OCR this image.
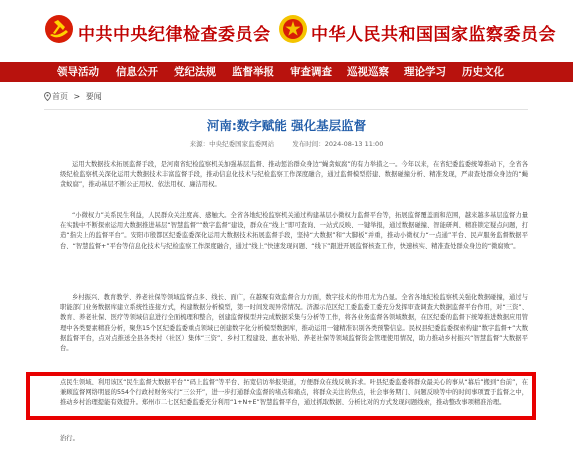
中共中央纪律检查委员会 中华人民共和国国家监察委员会
领导活动 信息公开 党纪法规 监督举报 审查调查 巡视巡察 理论学习 历史文化
首页 > 要闻
河南:数字赋能 强化基层监督
来源：中央纪委国家监委网站	发布时间：2024-08-13 11:00
运用大数据技术拓展监督手段，是河南省纪检监察机关加强基层监督、推动惩治群众身边“蝇贪蚁腐”的有力举措之一。今年以来，在省纪委监委统筹推动下，全省各级纪检监察机关深化运用大数据技术丰富监督手段，推动信息化技术与纪检监察工作深度融合，通过监督模型搭建、数据碰撞分析、精准发现，严肃查处群众身边的“蝇贪蚁腐”，推动基层不断公正用权、依法用权、廉洁用权。
“小微权力”关系民生利益，人民群众关注度高、感触大。全省各地纪检监察机关通过构建基层小微权力监督平台等，拓展监督覆盖面和范围，越来越多基层监督力量在实践中不断探索运用大数据推进基层“智慧监督”“数字监督”建设，群众在“线上”即可查询、一站式反映、一键举报，通过数据碰撞、智能研判、精准锁定疑点问题，打造“指尖上的监督平台”。安阳市殷都区纪委监委深化运用大数据技术拓展监督手段，坚持“大数据”和“大脚板”并重，推动小微权力“一点通”平台、民声服务监督数据平台、“智慧监督+”平台等信息化技术与纪检监察工作深度融合，通过“线上”快速发现问题、“线下”跟进开展监督核查工作，快速核实、精准查处群众身边的“微腐败”。
乡村振兴、教育教学、养老社保等领域监督点多、线长、面广，在越聚有效监督合力方面，数字技术的作用尤为凸显。全省各地纪检监察机关强化数据碰撞，通过与职能部门业务数据库建立系统性连接方式，构建数据分析模型，第一时间发现异常情况。济源示范区纪工委监委工委充分发挥审查调查大数据监督平台作用，对“三资”、教育、养老社保、医疗等领域信息进行全面梳理和整合，创建监督模型并完成数据采集与分析等工作，将各业务监督各领域数据，在区纪委的监督下统筹推进数据应用管理中各类要素精准分析，聚焦15个区纪委监委重点领域已创建数字化分析模型数据库，推动运用一键精准识别各类预警信息。民权县纪委监委探索构建“数字监督+”大数据监督平台，点对点推送全县各类村（社区）集体“三资”、乡村工程建设、惠农补贴、养老社保等领域监督资金管理使用情况，助力推动乡村振兴“智慧监督”大数据平台。
点民生领域、利用该区“民生监督大数据平台”“码上监督”等平台、拓宽信访举报渠道，方便群众在线反映诉求。叶县纪委监委将群众最关心的事从“幕后”搬到“台前”，在兼顾监督网络明显的554个行政村财务实行“三公开”，进一步打通群众监督的堵点和痛点，将群众关注的焦点，社会事务期门、问题反映等中的时间事项置于监督之中，推动乡村治理提能有效提升。郑州市二七区纪委监委充分利用“1+N+E”智慧监督平台，通过抓取数据、分析比对的方式发现问题线索，推动整改事项精准治理。
治行。
